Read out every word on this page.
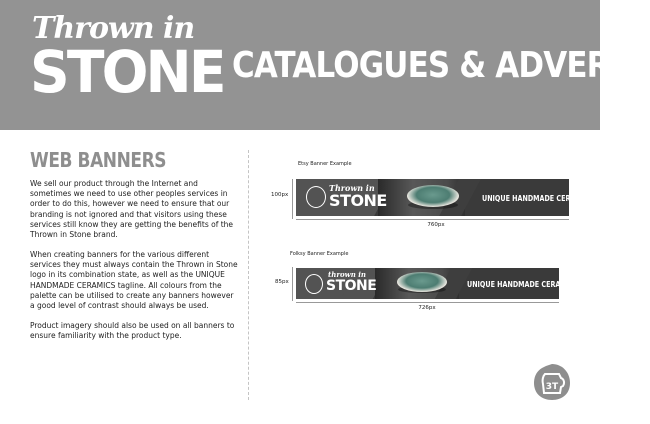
Thrown in
STONE CATALOGUES & ADVERTS
WEB BANNERS

We sell our product through the Internet and sometimes we need to use other peoples services in order to do this, however we need to ensure that our branding is not ignored and that visitors using these services still know they are getting the benefits of the Thrown in Stone brand.

When creating banners for the various different services they must always contain the Thrown in Stone logo in its combination state, as well as the UNIQUE HANDMADE CERAMICS tagline. All colours from the palette can be utilised to create any banners however a good level of contrast should always be used.

Product imagery should also be used on all banners to ensure familiarity with the product type.

Etsy Banner Example
100px
Thrown in
STONE	UNIQUE HANDMADE CERAMICS
760px
Folksy Banner Example
85px
thrown in
STONE	UNIQUE HANDMADE CERAMICS
726px
3T
